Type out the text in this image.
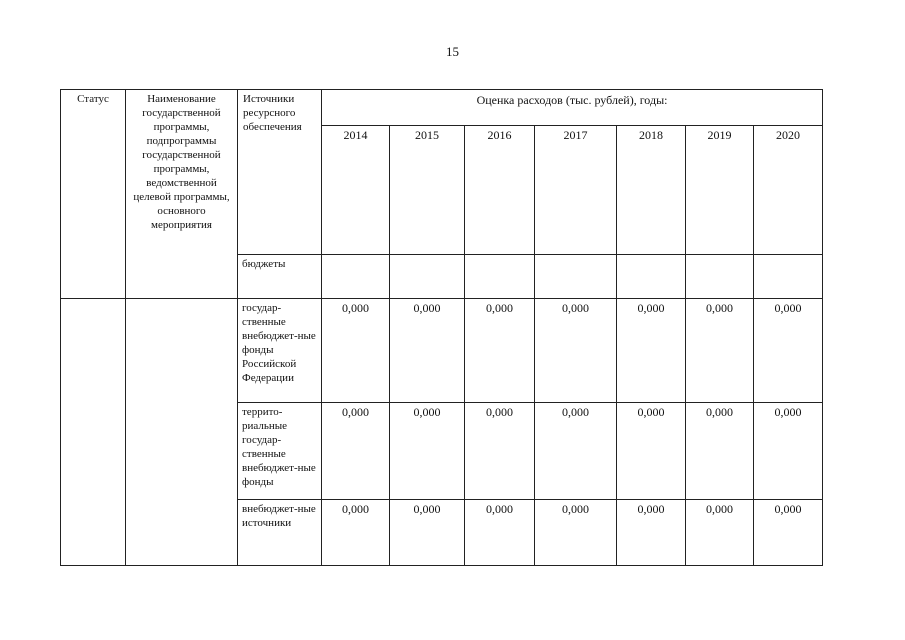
15
Статус	Наименование государственной программы, подпрограммы государственной программы, ведомственной целевой программы, основного мероприятия	Источники ресурсного обеспечения	Оценка расходов (тыс. рублей), годы:						
			2014	2015	2016	2017	2018	2019	2020
		бюджеты							
		государ-ственные внебюджет-ные фонды Российской Федерации	0,000	0,000	0,000	0,000	0,000	0,000	0,000
		террито-риальные государ-ственные внебюджет-ные фонды	0,000	0,000	0,000	0,000	0,000	0,000	0,000
		внебюджет-ные источники	0,000	0,000	0,000	0,000	0,000	0,000	0,000
